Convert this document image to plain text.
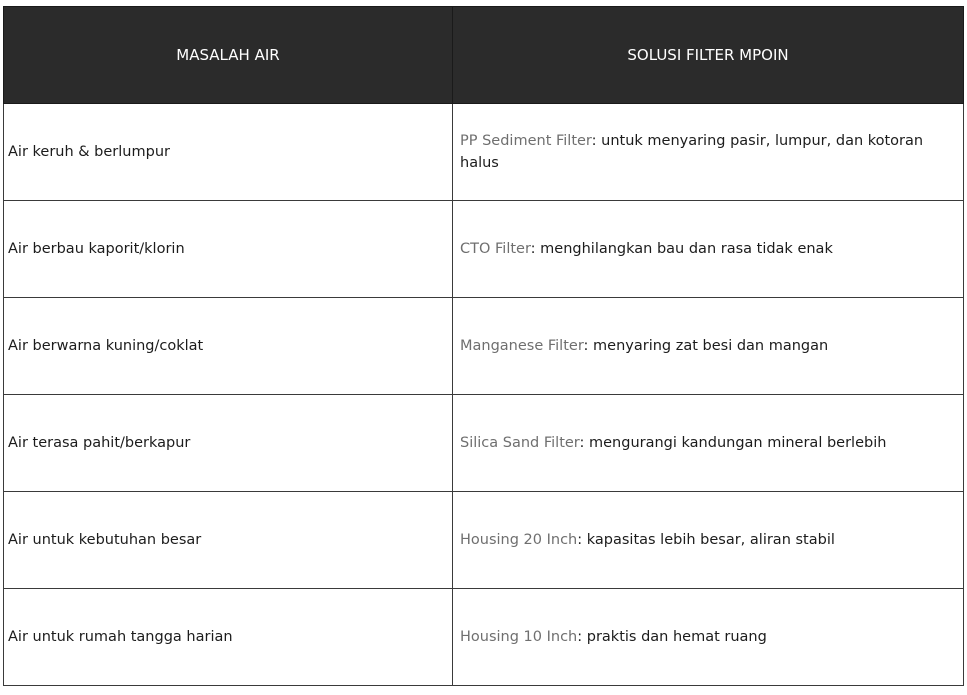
MASALAH AIR	SOLUSI FILTER MPOIN
Air keruh & berlumpur	PP Sediment Filter: untuk menyaring pasir, lumpur, dan kotoran halus
Air berbau kaporit/klorin	CTO Filter: menghilangkan bau dan rasa tidak enak
Air berwarna kuning/coklat	Manganese Filter: menyaring zat besi dan mangan
Air terasa pahit/berkapur	Silica Sand Filter: mengurangi kandungan mineral berlebih
Air untuk kebutuhan besar	Housing 20 Inch: kapasitas lebih besar, aliran stabil
Air untuk rumah tangga harian	Housing 10 Inch: praktis dan hemat ruang
